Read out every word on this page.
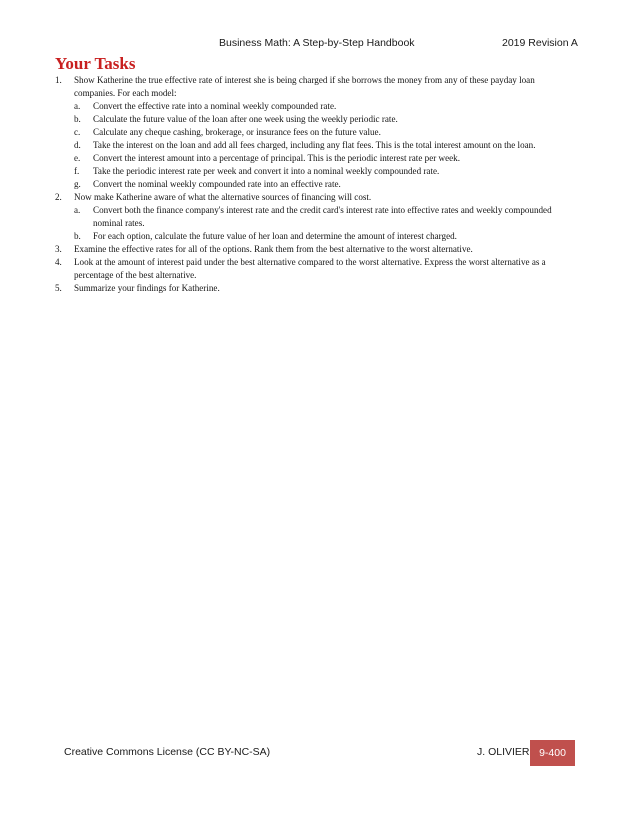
Business Math: A Step-by-Step Handbook	2019 Revision A
Your Tasks
1. Show Katherine the true effective rate of interest she is being charged if she borrows the money from any of these payday loan companies. For each model:
a. Convert the effective rate into a nominal weekly compounded rate.
b. Calculate the future value of the loan after one week using the weekly periodic rate.
c. Calculate any cheque cashing, brokerage, or insurance fees on the future value.
d. Take the interest on the loan and add all fees charged, including any flat fees. This is the total interest amount on the loan.
e. Convert the interest amount into a percentage of principal. This is the periodic interest rate per week.
f. Take the periodic interest rate per week and convert it into a nominal weekly compounded rate.
g. Convert the nominal weekly compounded rate into an effective rate.
2. Now make Katherine aware of what the alternative sources of financing will cost.
a. Convert both the finance company's interest rate and the credit card's interest rate into effective rates and weekly compounded nominal rates.
b. For each option, calculate the future value of her loan and determine the amount of interest charged.
3. Examine the effective rates for all of the options. Rank them from the best alternative to the worst alternative.
4. Look at the amount of interest paid under the best alternative compared to the worst alternative. Express the worst alternative as a percentage of the best alternative.
5. Summarize your findings for Katherine.
Creative Commons License (CC BY-NC-SA)	J. OLIVIER 9-400
